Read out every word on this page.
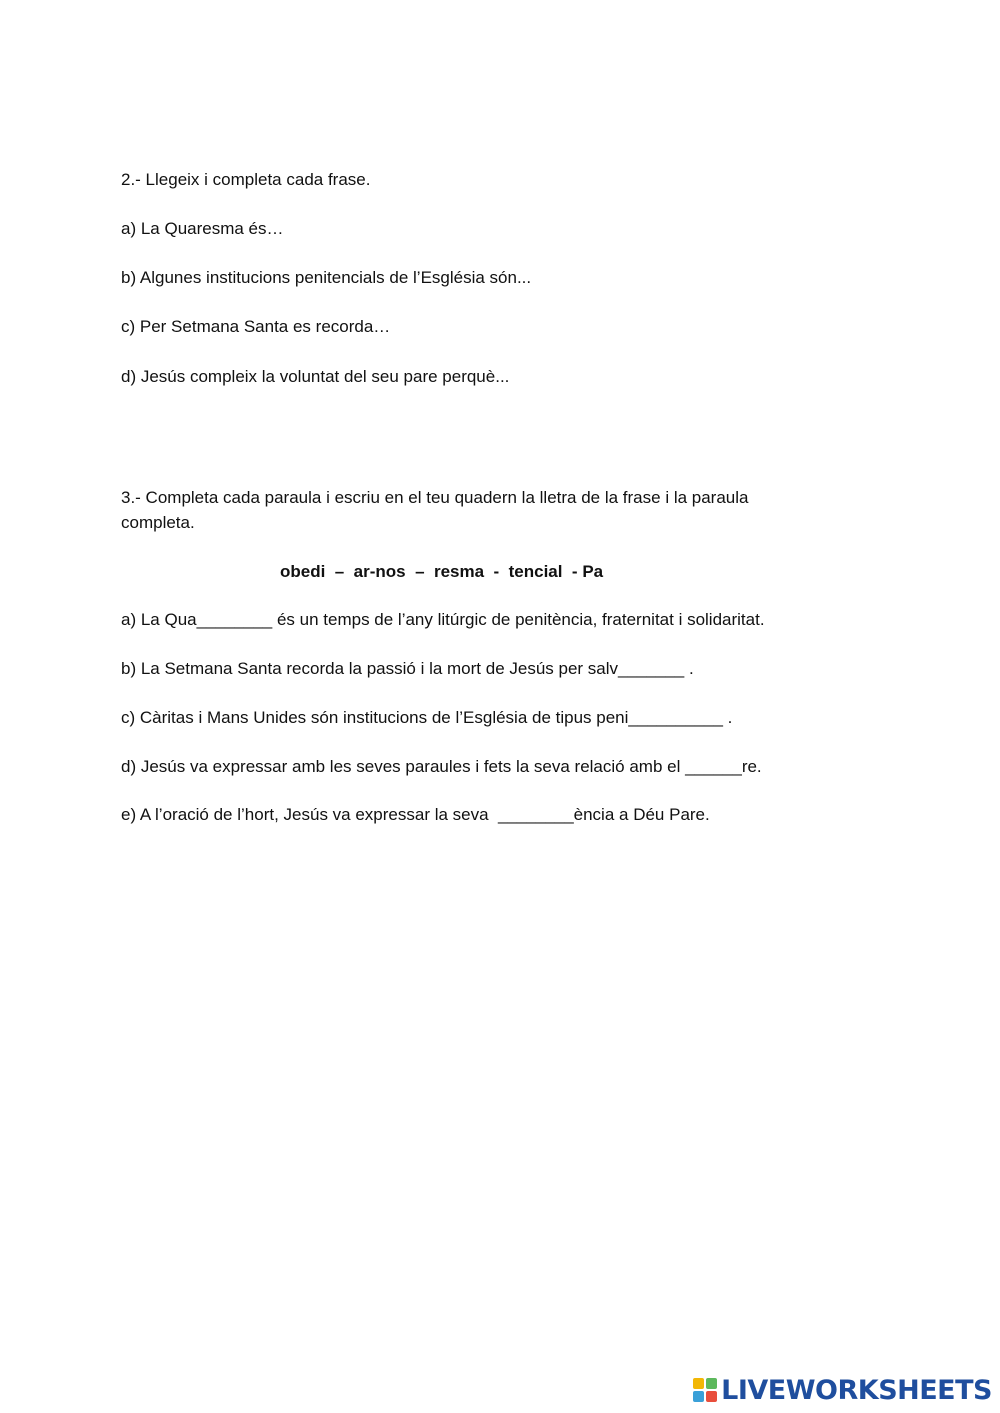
2.- Llegeix i completa cada frase.

a) La Quaresma és…

b) Algunes institucions penitencials de l’Església són...

c) Per Setmana Santa es recorda…

d) Jesús compleix la voluntat del seu pare perquè...

3.- Completa cada paraula i escriu en el teu quadern la lletra de la frase i la paraula

completa.

obedi  –  ar-nos  –  resma  -  tencial  - Pa

a) La Qua________ és un temps de l’any litúrgic de penitència, fraternitat i solidaritat.

b) La Setmana Santa recorda la passió i la mort de Jesús per salv_______ .

c) Càritas i Mans Unides són institucions de l’Església de tipus peni__________ .

d) Jesús va expressar amb les seves paraules i fets la seva relació amb el ______re.

e) A l’oració de l’hort, Jesús va expressar la seva  ________ència a Déu Pare.

LIVEWORKSHEETS
